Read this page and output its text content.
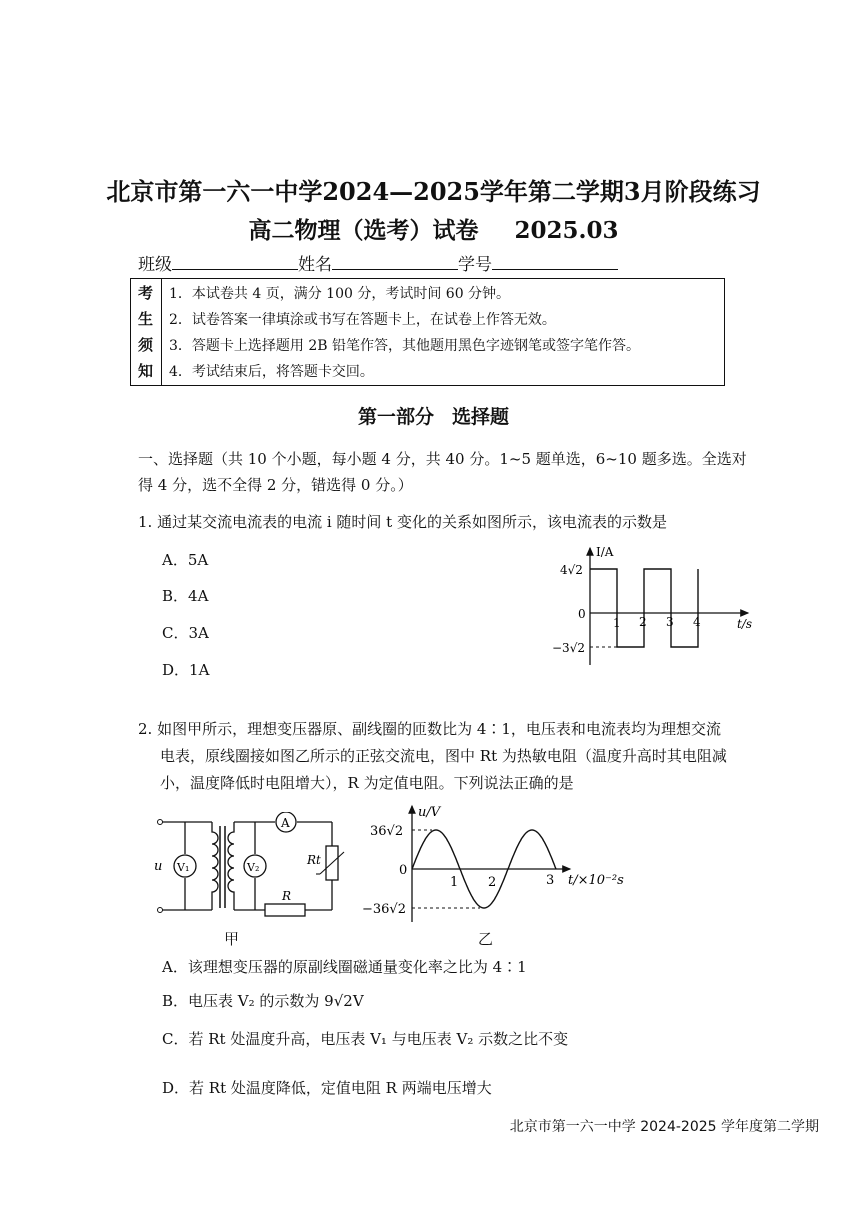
北京市第一六一中学2024—2025学年第二学期3月阶段练习
高二物理（选考）试卷 2025.03
班级	姓名	学号
考
生
须
知
1．本试卷共 4 页，满分 100 分，考试时间 60 分钟。
2．试卷答案一律填涂或书写在答题卡上，在试卷上作答无效。
3．答题卡上选择题用 2B 铅笔作答，其他题用黑色字迹钢笔或签字笔作答。
4．考试结束后，将答题卡交回。
第一部分 选择题
一、选择题（共 10 个小题，每小题 4 分，共 40 分。1~5 题单选，6~10 题多选。全选对
得 4 分，选不全得 2 分，错选得 0 分。）
1. 通过某交流电流表的电流 i 随时间 t 变化的关系如图所示，该电流表的示数是
A．5A
B．4A
C．3A
D．1A
I/A
t/s
4√2
−3√2
0
1 2 3 4
2. 如图甲所示，理想变压器原、副线圈的匝数比为 4∶1，电压表和电流表均为理想交流
电表，原线圈接如图乙所示的正弦交流电，图中 Rt 为热敏电阻（温度升高时其电阻减
小，温度降低时电阻增大），R 为定值电阻。下列说法正确的是
u V₁	V₂
A
Rt
R
甲
u/V
t/×10⁻²s
36√2
−36√2
0
1 2	3
乙
A．该理想变压器的原副线圈磁通量变化率之比为 4∶1
B．电压表 V₂ 的示数为 9√2V
C．若 Rt 处温度升高，电压表 V₁ 与电压表 V₂ 示数之比不变
D．若 Rt 处温度降低，定值电阻 R 两端电压增大
北京市第一六一中学 2024-2025 学年度第二学期
